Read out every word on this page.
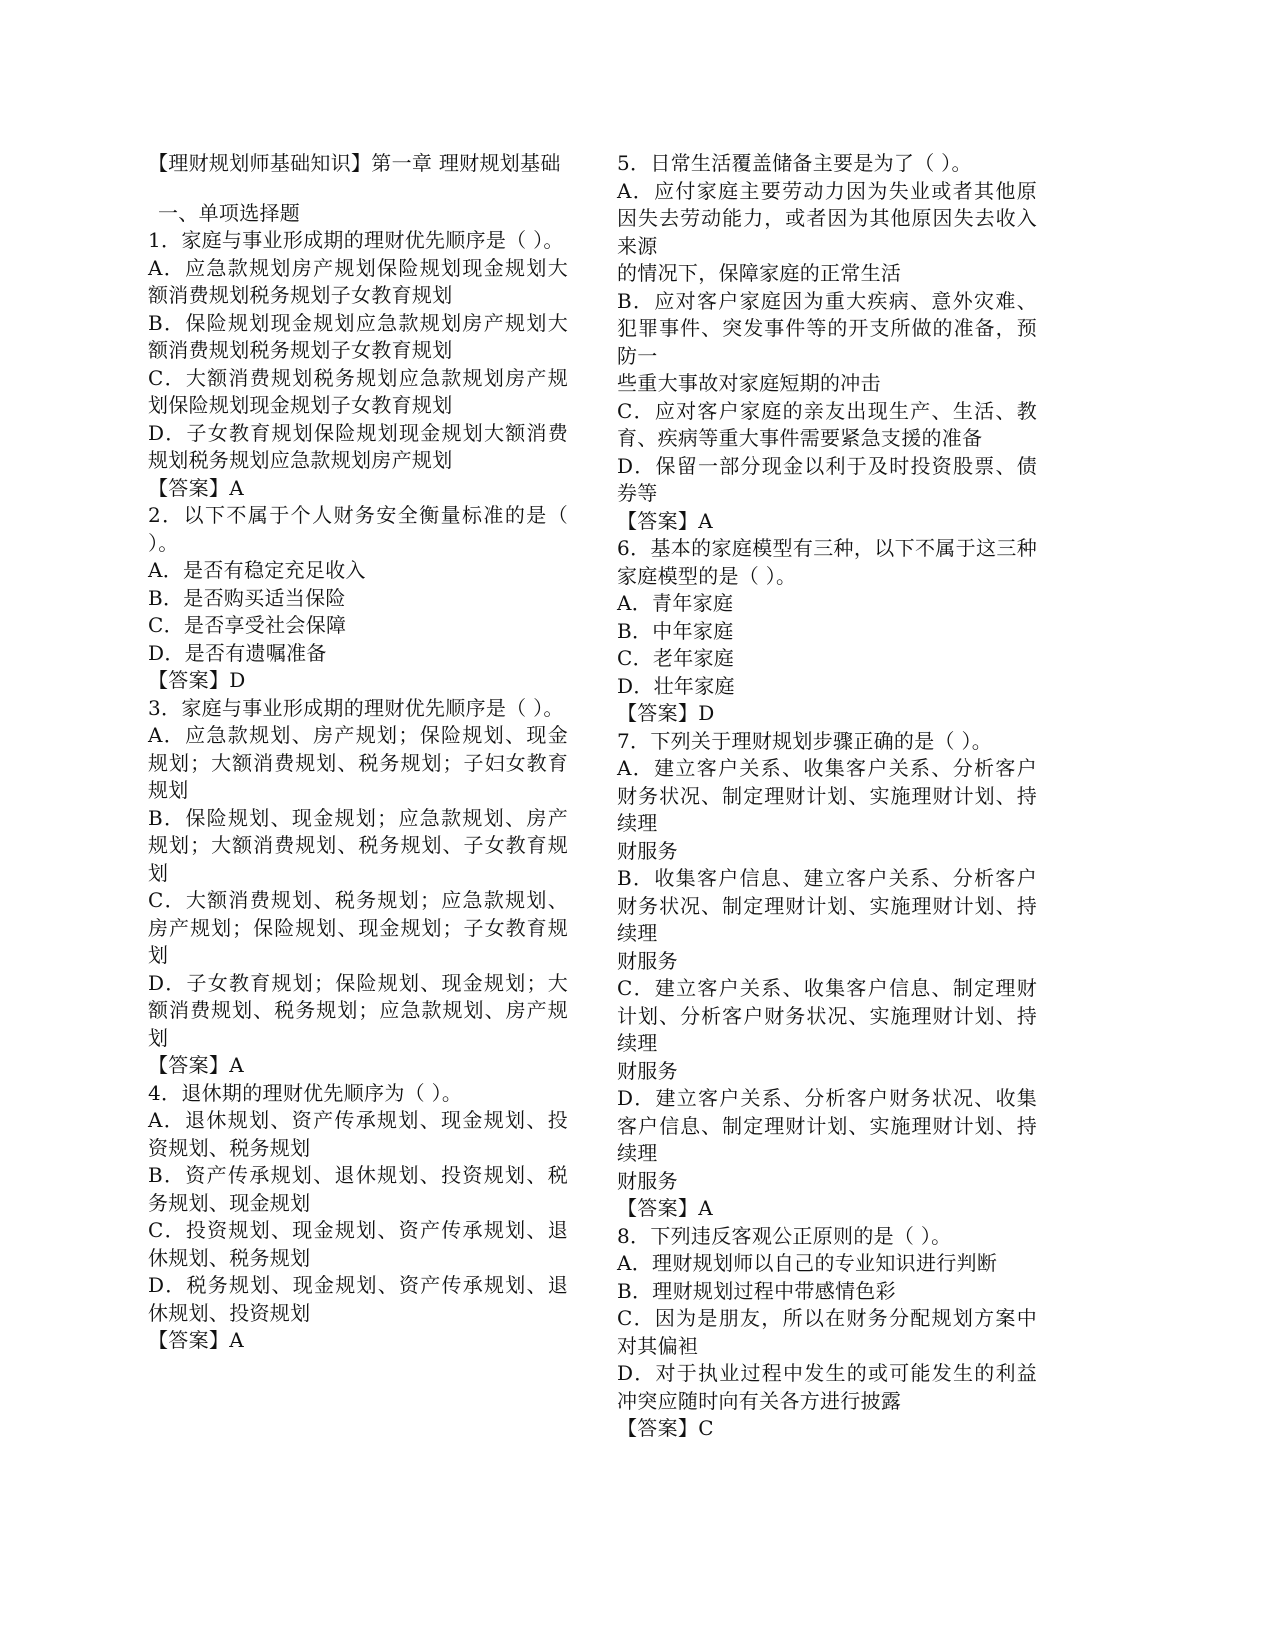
【理财规划师基础知识】第一章 理财规划基础

一、单项选择题

1．家庭与事业形成期的理财优先顺序是（ ）。

A．应急款规划房产规划保险规划现金规划大额消费规划税务规划子女教育规划

B．保险规划现金规划应急款规划房产规划大额消费规划税务规划子女教育规划

C．大额消费规划税务规划应急款规划房产规划保险规划现金规划子女教育规划

D．子女教育规划保险规划现金规划大额消费规划税务规划应急款规划房产规划

【答案】A

2．以下不属于个人财务安全衡量标准的是（ ）。

A．是否有稳定充足收入

B．是否购买适当保险

C．是否享受社会保障

D．是否有遗嘱准备

【答案】D

3．家庭与事业形成期的理财优先顺序是（ ）。

A．应急款规划、房产规划；保险规划、现金规划；大额消费规划、税务规划；子妇女教育规划

B．保险规划、现金规划；应急款规划、房产规划；大额消费规划、税务规划、子女教育规划

C．大额消费规划、税务规划；应急款规划、房产规划；保险规划、现金规划；子女教育规划

D．子女教育规划；保险规划、现金规划；大额消费规划、税务规划；应急款规划、房产规划

【答案】A

4．退休期的理财优先顺序为（ ）。

A．退休规划、资产传承规划、现金规划、投资规划、税务规划

B．资产传承规划、退休规划、投资规划、税务规划、现金规划

C．投资规划、现金规划、资产传承规划、退休规划、税务规划

D．税务规划、现金规划、资产传承规划、退休规划、投资规划

【答案】A

5．日常生活覆盖储备主要是为了（ ）。

A．应付家庭主要劳动力因为失业或者其他原因失去劳动能力，或者因为其他原因失去收入来源

的情况下，保障家庭的正常生活

B．应对客户家庭因为重大疾病、意外灾难、犯罪事件、突发事件等的开支所做的准备，预防一

些重大事故对家庭短期的冲击

C．应对客户家庭的亲友出现生产、生活、教育、疾病等重大事件需要紧急支援的准备

D．保留一部分现金以利于及时投资股票、债券等

【答案】A

6．基本的家庭模型有三种，以下不属于这三种家庭模型的是（ ）。

A．青年家庭

B．中年家庭

C．老年家庭

D．壮年家庭

【答案】D

7．下列关于理财规划步骤正确的是（ ）。

A．建立客户关系、收集客户关系、分析客户财务状况、制定理财计划、实施理财计划、持续理

财服务

B．收集客户信息、建立客户关系、分析客户财务状况、制定理财计划、实施理财计划、持续理

财服务

C．建立客户关系、收集客户信息、制定理财计划、分析客户财务状况、实施理财计划、持续理

财服务

D．建立客户关系、分析客户财务状况、收集客户信息、制定理财计划、实施理财计划、持续理

财服务

【答案】A

8．下列违反客观公正原则的是（ ）。

A．理财规划师以自己的专业知识进行判断

B．理财规划过程中带感情色彩

C．因为是朋友，所以在财务分配规划方案中对其偏袒

D．对于执业过程中发生的或可能发生的利益冲突应随时向有关各方进行披露

【答案】C
